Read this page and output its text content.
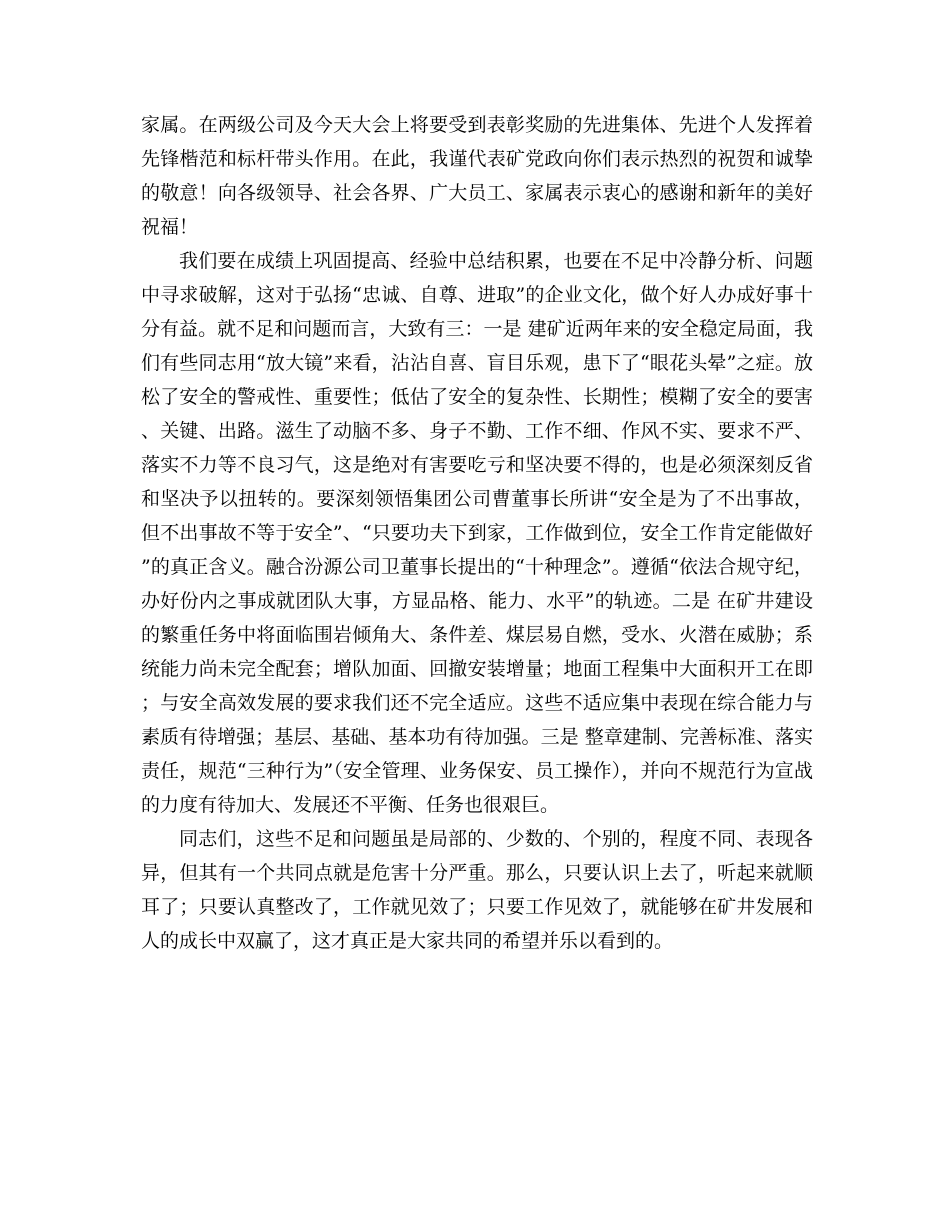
家属。在两级公司及今天大会上将要受到表彰奖励的先进集体、先进个人发挥着先锋楷范和标杆带头作用。在此，我谨代表矿党政向你们表示热烈的祝贺和诚挚的敬意！向各级领导、社会各界、广大员工、家属表示衷心的感谢和新年的美好祝福！

我们要在成绩上巩固提高、经验中总结积累，也要在不足中冷静分析、问题中寻求破解，这对于弘扬“忠诚、自尊、进取”的企业文化，做个好人办成好事十分有益。就不足和问题而言，大致有三：一是 建矿近两年来的安全稳定局面，我们有些同志用“放大镜”来看，沾沾自喜、盲目乐观，患下了“眼花头晕”之症。放松了安全的警戒性、重要性；低估了安全的复杂性、长期性；模糊了安全的要害、关键、出路。滋生了动脑不多、身子不勤、工作不细、作风不实、要求不严、落实不力等不良习气，这是绝对有害要吃亏和坚决要不得的，也是必须深刻反省和坚决予以扭转的。要深刻领悟集团公司曹董事长所讲“安全是为了不出事故，但不出事故不等于安全”、“只要功夫下到家，工作做到位，安全工作肯定能做好”的真正含义。融合汾源公司卫董事长提出的“十种理念”。遵循“依法合规守纪，办好份内之事成就团队大事，方显品格、能力、水平”的轨迹。二是 在矿井建设的繁重任务中将面临围岩倾角大、条件差、煤层易自燃，受水、火潜在威胁；系统能力尚未完全配套；增队加面、回撤安装增量；地面工程集中大面积开工在即；与安全高效发展的要求我们还不完全适应。这些不适应集中表现在综合能力与素质有待增强；基层、基础、基本功有待加强。三是 整章建制、完善标准、落实责任，规范“三种行为”（安全管理、业务保安、员工操作），并向不规范行为宣战的力度有待加大、发展还不平衡、任务也很艰巨。

同志们，这些不足和问题虽是局部的、少数的、个别的，程度不同、表现各异，但其有一个共同点就是危害十分严重。那么，只要认识上去了，听起来就顺耳了；只要认真整改了，工作就见效了；只要工作见效了，就能够在矿井发展和人的成长中双赢了，这才真正是大家共同的希望并乐以看到的。
